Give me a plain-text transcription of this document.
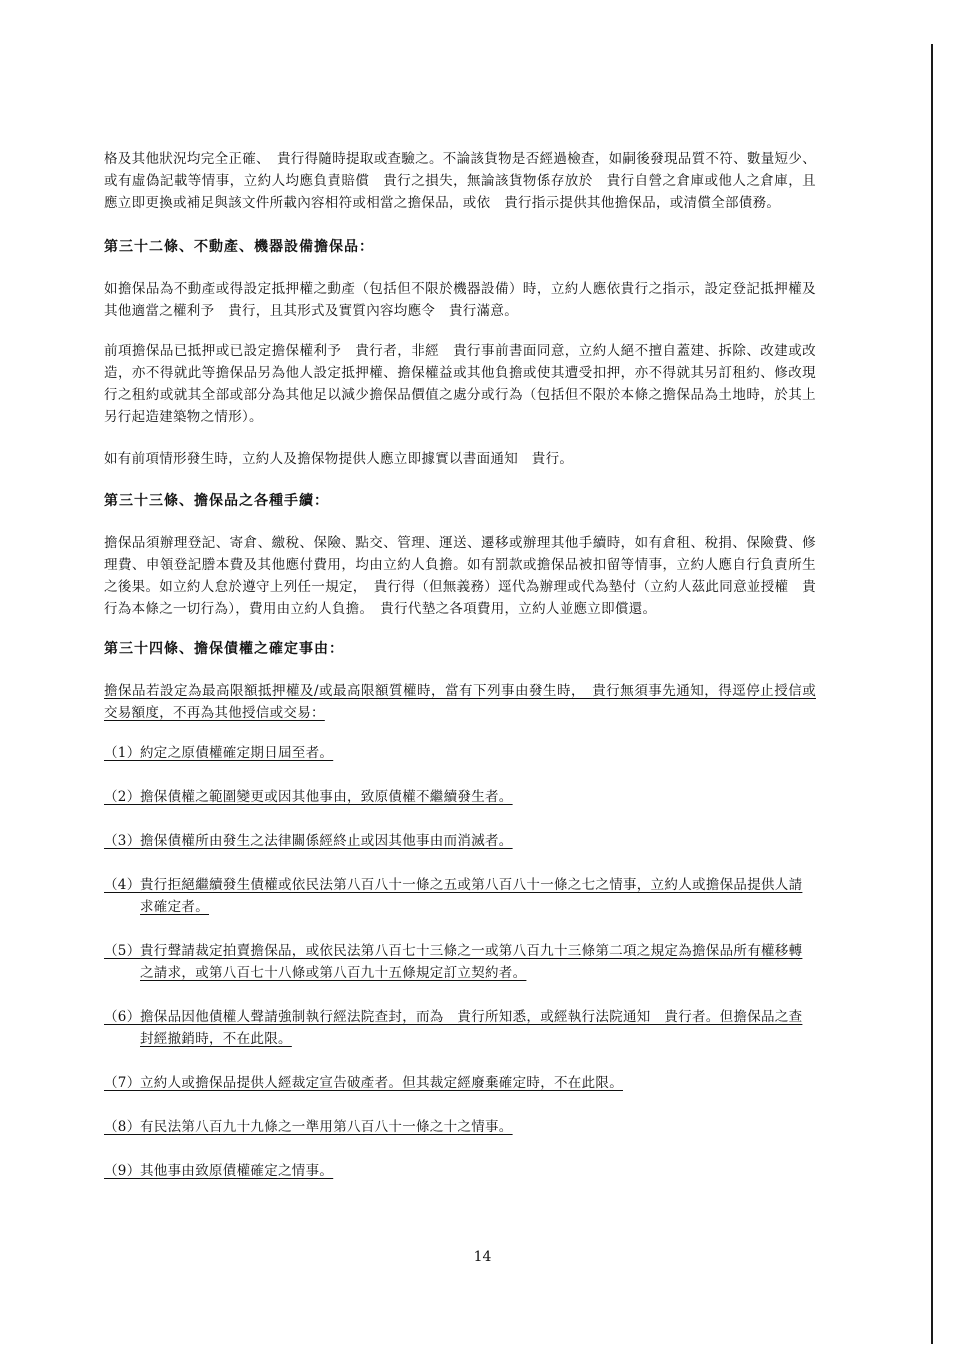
格及其他狀況均完全正確、　貴行得隨時提取或查驗之。不論該貨物是否經過檢查，如嗣後發現品質不符、數量短少、或有虛偽記載等情事，立約人均應負責賠償　貴行之損失，無論該貨物係存放於　貴行自營之倉庫或他人之倉庫，且應立即更換或補足與該文件所載內容相符或相當之擔保品，或依　貴行指示提供其他擔保品，或清償全部債務。

第三十二條、不動產、機器設備擔保品：

如擔保品為不動產或得設定抵押權之動產（包括但不限於機器設備）時，立約人應依貴行之指示，設定登記抵押權及其他適當之權利予　貴行，且其形式及實質內容均應令　貴行滿意。

前項擔保品已抵押或已設定擔保權利予　貴行者，非經　貴行事前書面同意，立約人絕不擅自蓋建、拆除、改建或改造，亦不得就此等擔保品另為他人設定抵押權、擔保權益或其他負擔或使其遭受扣押，亦不得就其另訂租約、修改現行之租約或就其全部或部分為其他足以減少擔保品價值之處分或行為（包括但不限於本條之擔保品為土地時，於其上另行起造建築物之情形）。

如有前項情形發生時，立約人及擔保物提供人應立即據實以書面通知　貴行。

第三十三條、擔保品之各種手續：

擔保品須辦理登記、寄倉、繳稅、保險、點交、管理、運送、遷移或辦理其他手續時，如有倉租、稅捐、保險費、修理費、申領登記謄本費及其他應付費用，均由立約人負擔。如有罰款或擔保品被扣留等情事，立約人應自行負責所生之後果。如立約人怠於遵守上列任一規定，　貴行得（但無義務）逕代為辦理或代為墊付（立約人茲此同意並授權　貴行為本條之一切行為），費用由立約人負擔。　貴行代墊之各項費用，立約人並應立即償還。

第三十四條、擔保債權之確定事由：

擔保品若設定為最高限額抵押權及/或最高限額質權時，當有下列事由發生時，　貴行無須事先通知，得逕停止授信或交易額度，不再為其他授信或交易：

（1） 約定之原債權確定期日屆至者。
（2） 擔保債權之範圍變更或因其他事由，致原債權不繼續發生者。
（3） 擔保債權所由發生之法律關係經終止或因其他事由而消滅者。
（4） 貴行拒絕繼續發生債權或依民法第八百八十一條之五或第八百八十一條之七之情事，立約人或擔保品提供人請求確定者。
（5） 貴行聲請裁定拍賣擔保品，或依民法第八百七十三條之一或第八百九十三條第二項之規定為擔保品所有權移轉之請求，或第八百七十八條或第八百九十五條規定訂立契約者。
（6） 擔保品因他債權人聲請強制執行經法院查封，而為　貴行所知悉，或經執行法院通知　貴行者。但擔保品之查封經撤銷時，不在此限。
（7） 立約人或擔保品提供人經裁定宣告破產者。但其裁定經廢棄確定時，不在此限。
（8） 有民法第八百九十九條之一準用第八百八十一條之十之情事。
（9） 其他事由致原債權確定之情事。
14
